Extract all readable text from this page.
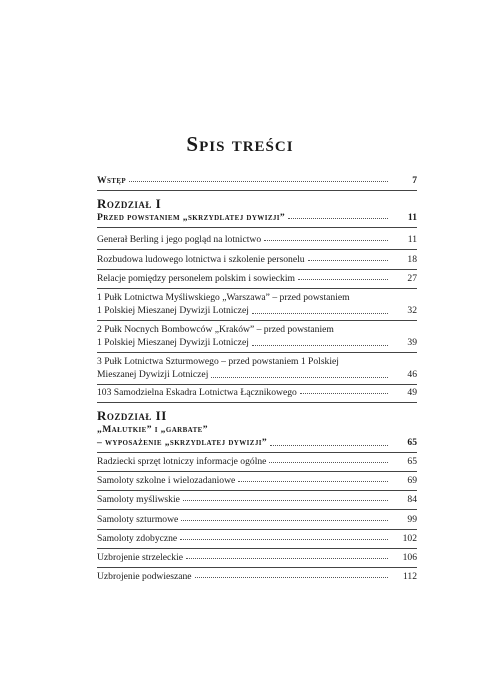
Spis treści
Wstęp	7
Rozdział I
Przed powstaniem „skrzydlatej dywizji”	11
Generał Berling i jego pogląd na lotnictwo	11
Rozbudowa ludowego lotnictwa i szkolenie personelu	18
Relacje pomiędzy personelem polskim i sowieckim	27
1 Pułk Lotnictwa Myśliwskiego „Warszawa” – przed powstaniem
1 Polskiej Mieszanej Dywizji Lotniczej	32
2 Pułk Nocnych Bombowców „Kraków” – przed powstaniem
1 Polskiej Mieszanej Dywizji Lotniczej	39
3 Pułk Lotnictwa Szturmowego – przed powstaniem 1 Polskiej
Mieszanej Dywizji Lotniczej	46
103 Samodzielna Eskadra Lotnictwa Łącznikowego	49
Rozdział II
„Małutkie” i „garbate”
– wyposażenie „skrzydlatej dywizji”	65
Radziecki sprzęt lotniczy informacje ogólne	65
Samoloty szkolne i wielozadaniowe	69
Samoloty myśliwskie	84
Samoloty szturmowe	99
Samoloty zdobyczne	102
Uzbrojenie strzeleckie	106
Uzbrojenie podwieszane	112
